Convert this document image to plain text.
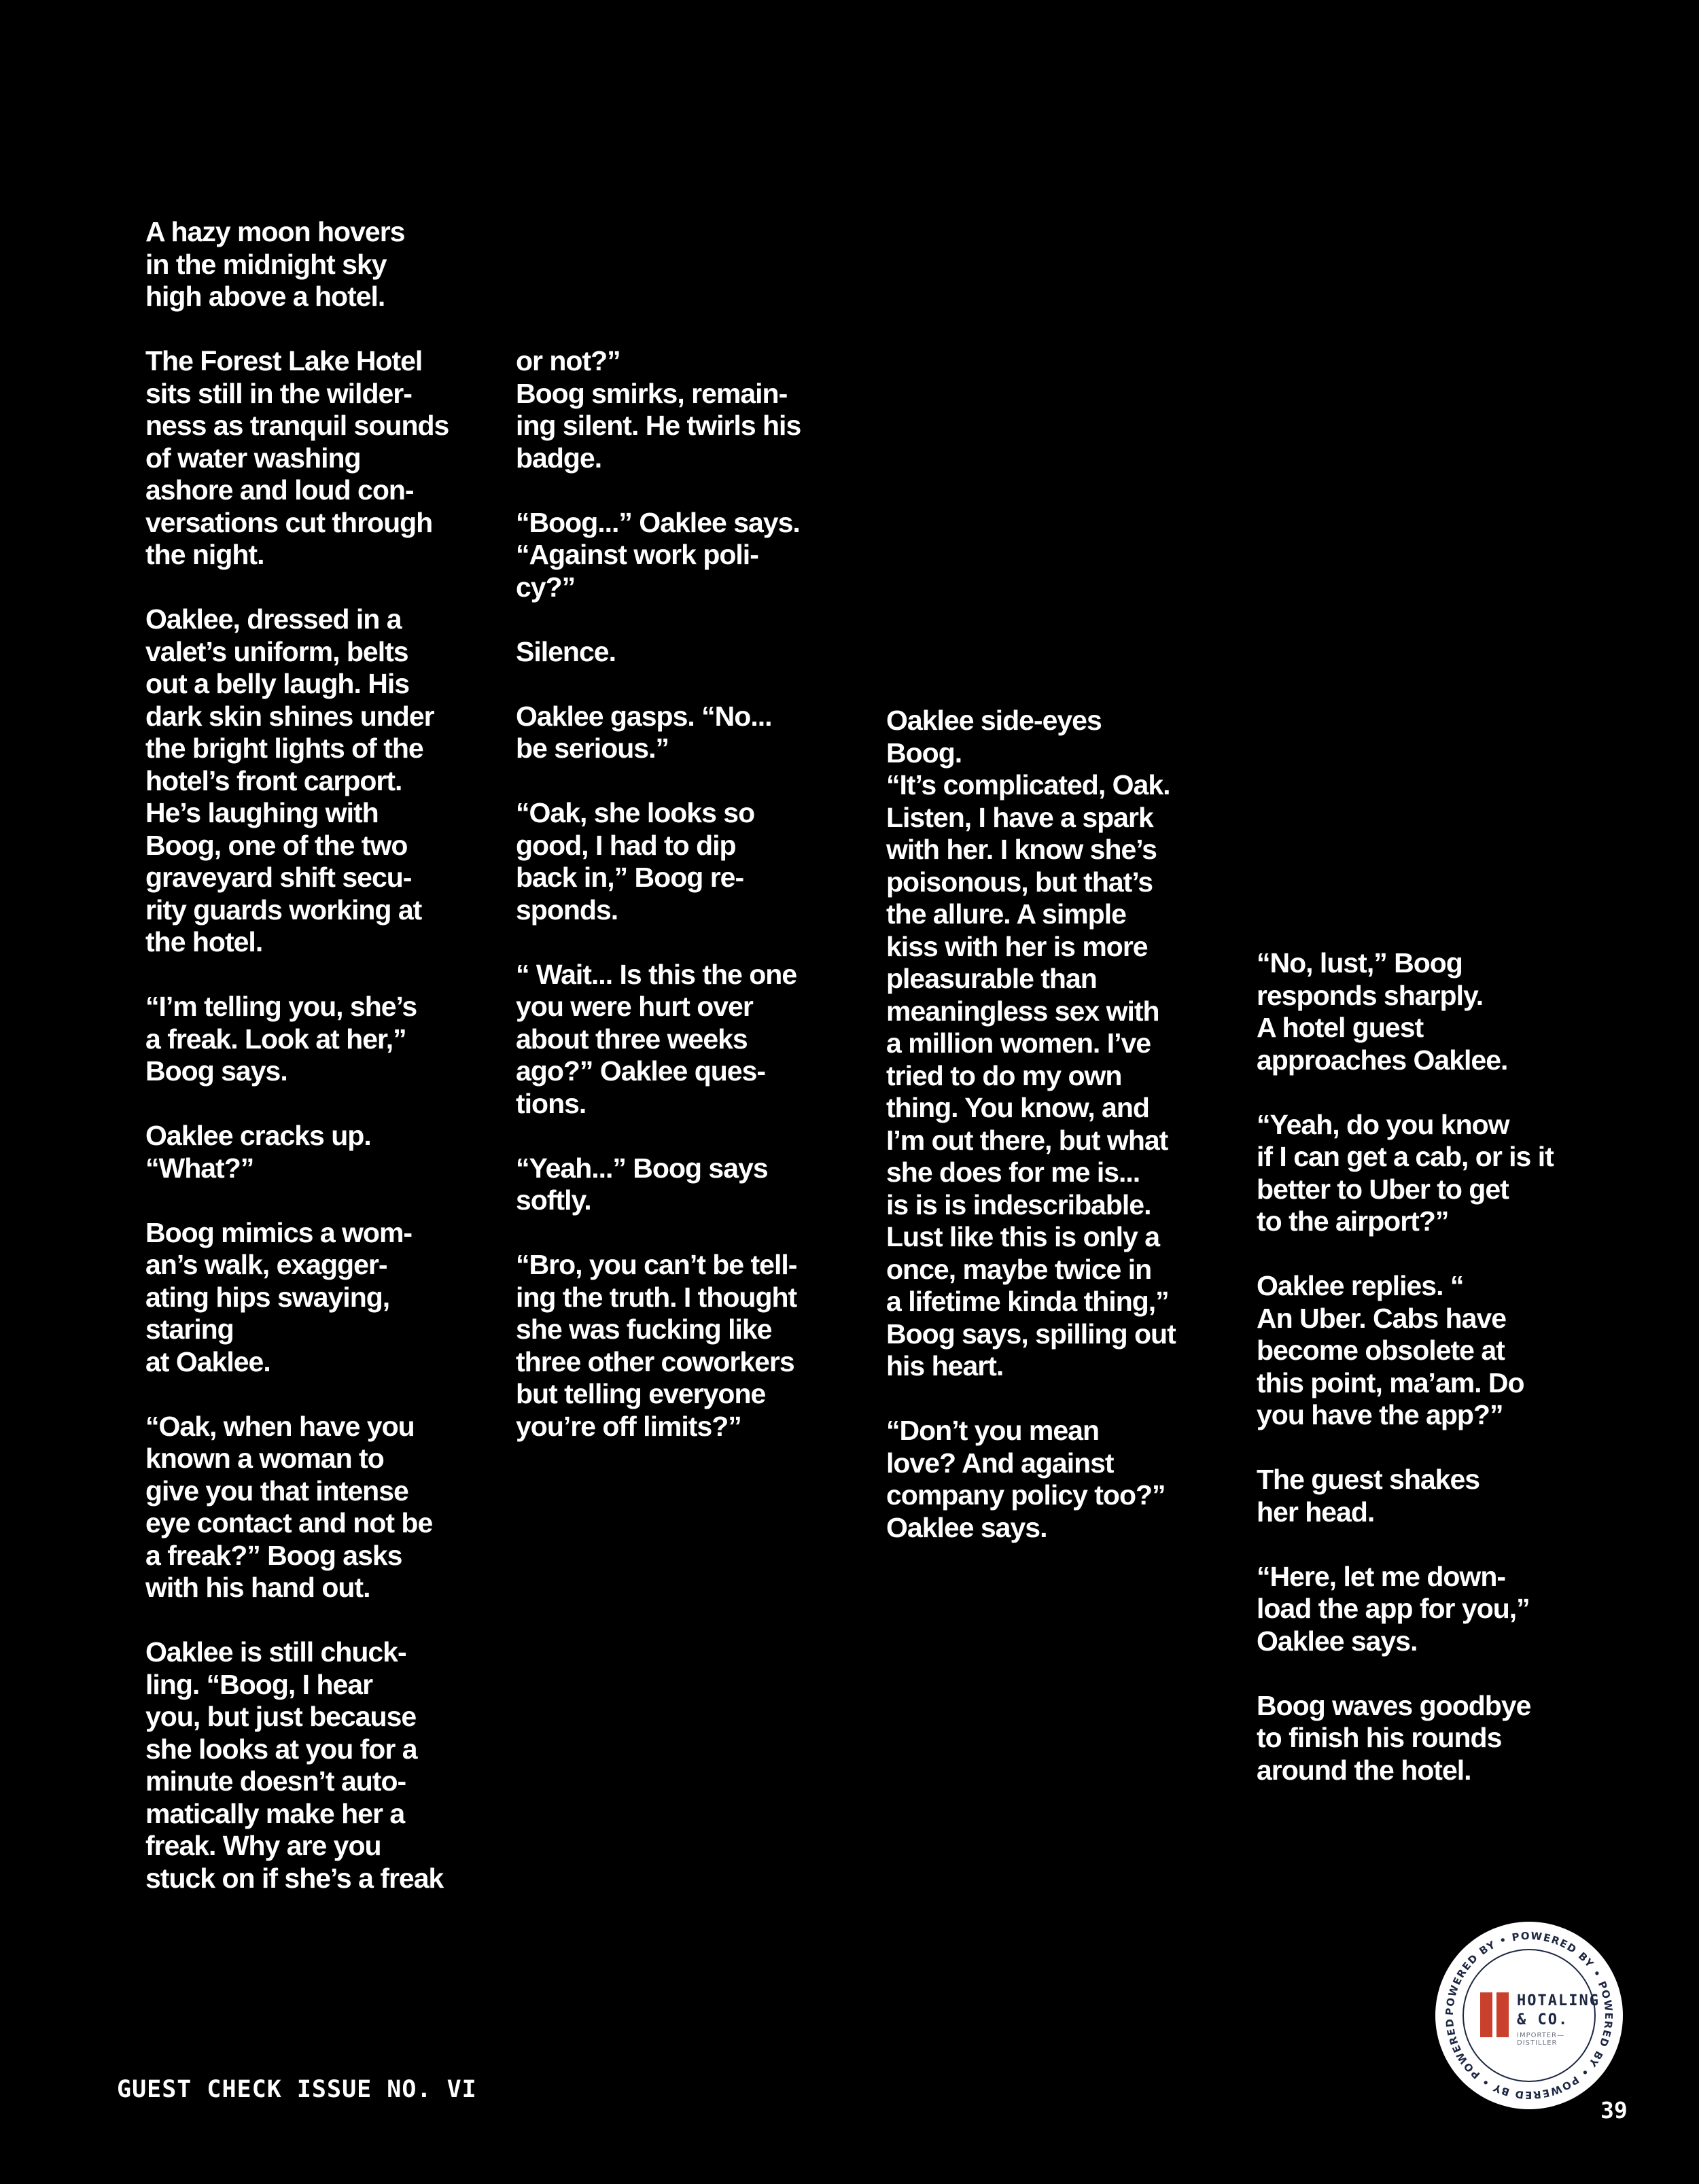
A hazy moon hovers
in the midnight sky
high above a hotel.

The Forest Lake Hotel
sits still in the wilder-
ness as tranquil sounds
of water washing
ashore and loud con-
versations cut through
the night.

Oaklee, dressed in a
valet’s uniform, belts
out a belly laugh. His
dark skin shines under
the bright lights of the
hotel’s front carport.
He’s laughing with
Boog, one of the two
graveyard shift secu-
rity guards working at
the hotel.

“I’m telling you, she’s
a freak. Look at her,”
Boog says.

Oaklee cracks up.
“What?”

Boog mimics a wom-
an’s walk, exagger-
ating hips swaying,
staring
at Oaklee.

“Oak, when have you
known a woman to
give you that intense
eye contact and not be
a freak?” Boog asks
with his hand out.

Oaklee is still chuck-
ling. “Boog, I hear
you, but just because
she looks at you for a
minute doesn’t auto-
matically make her a
freak. Why are you
stuck on if she’s a freak

or not?”
Boog smirks, remain-
ing silent. He twirls his
badge.

“Boog...” Oaklee says.
“Against work poli-
cy?”

Silence.

Oaklee gasps. “No...
be serious.”

“Oak, she looks so
good, I had to dip
back in,” Boog re-
sponds.

“ Wait... Is this the one
you were hurt over
about three weeks
ago?” Oaklee ques-
tions.

“Yeah...” Boog says
softly.

“Bro, you can’t be tell-
ing the truth. I thought
she was fucking like
three other coworkers
but telling everyone
you’re off limits?”

Oaklee side-eyes
Boog.
“It’s complicated, Oak.
Listen, I have a spark
with her. I know she’s
poisonous, but that’s
the allure. A simple
kiss with her is more
pleasurable than
meaningless sex with
a million women. I’ve
tried to do my own
thing. You know, and
I’m out there, but what
she does for me is...
is is is indescribable.
Lust like this is only a
once, maybe twice in
a lifetime kinda thing,”
Boog says, spilling out
his heart.

“Don’t you mean
love? And against
company policy too?”
Oaklee says.

“No, lust,” Boog
responds sharply.
A hotel guest
approaches Oaklee.

“Yeah, do you know
if I can get a cab, or is it
better to Uber to get
to the airport?”

Oaklee replies. “
An Uber. Cabs have
become obsolete at
this point, ma’am. Do
you have the app?”

The guest shakes
her head.

“Here, let me down-
load the app for you,”
Oaklee says.

Boog waves goodbye
to finish his rounds
around the hotel.

GUEST CHECK ISSUE NO. VI
39
POWERED BY • POWERED BY • POWERED BY • POWERED BY • POWERED
HOTALING
& CO.
IMPORTER—DISTILLER
